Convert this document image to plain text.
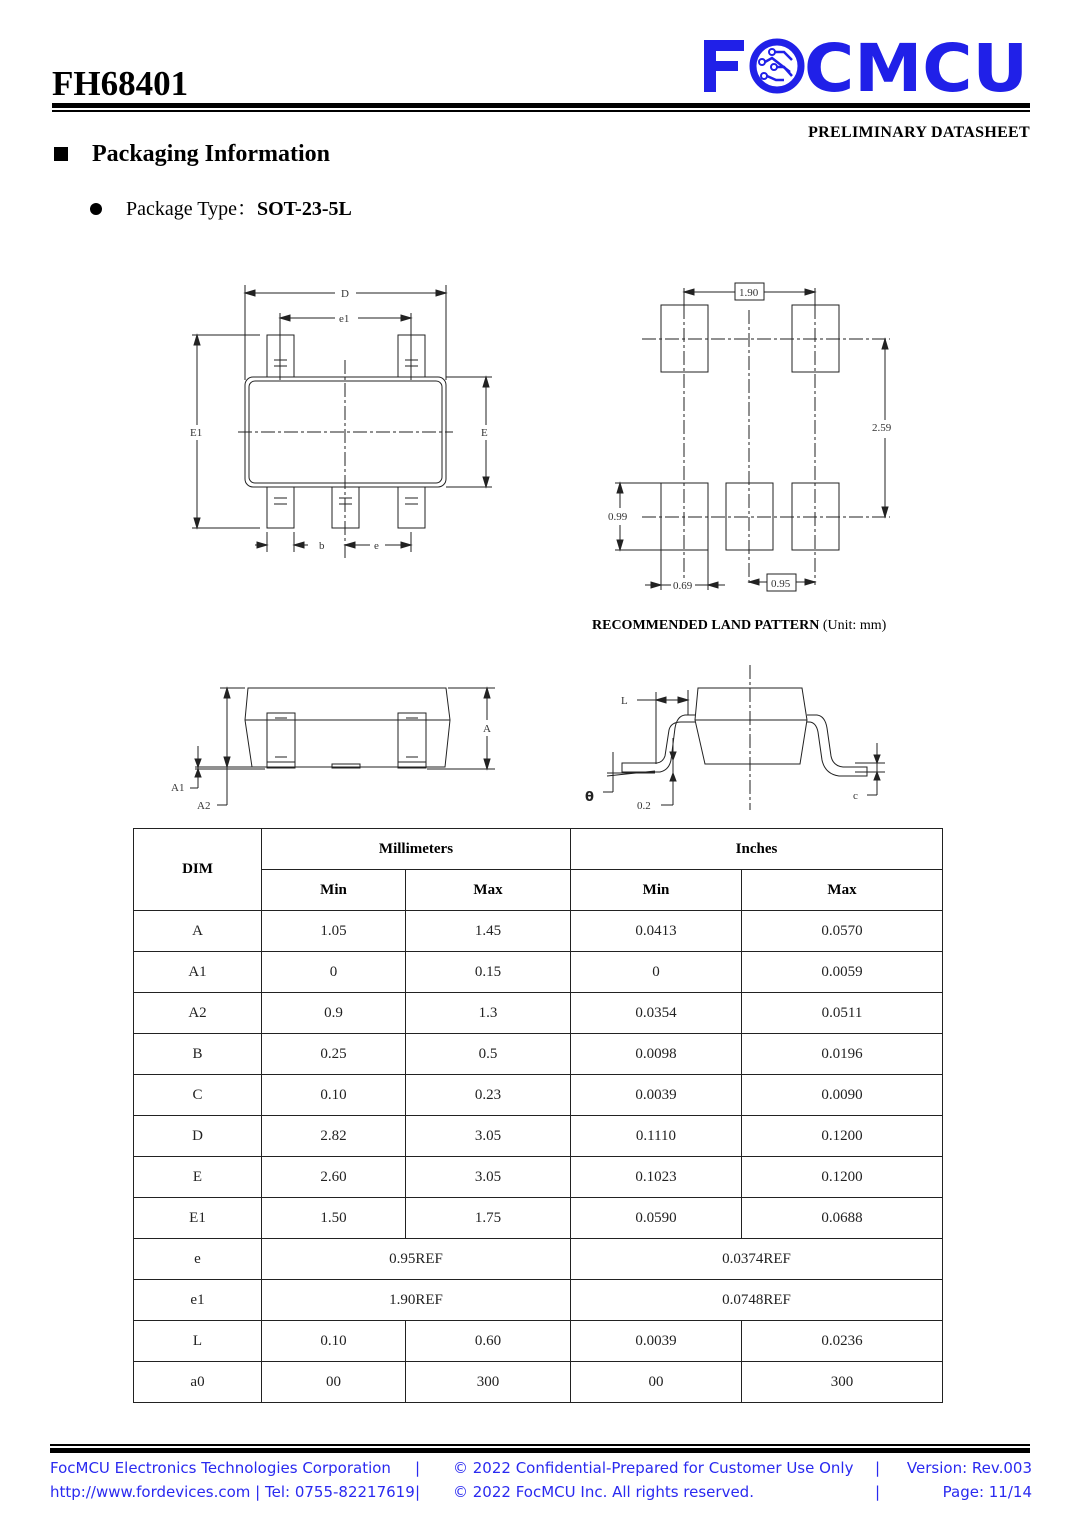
FH68401	CMCU
PRELIMINARY DATASHEET
Packaging Information
Package Type： SOT-23-5L
D
e1
E1	E
b	e
1.90
2.59
0.99
0.69	0.95
RECOMMENDED LAND PATTERN (Unit: mm)
A
A2
A1
L
0.2
θ	c
DIM	Millimeters		Inches	
	Min	Max	Min	Max
A	1.05	1.45	0.0413	0.0570
A1	0	0.15	0	0.0059
A2	0.9	1.3	0.0354	0.0511
B	0.25	0.5	0.0098	0.0196
C	0.10	0.23	0.0039	0.0090
D	2.82	3.05	0.1110	0.1200
E	2.60	3.05	0.1023	0.1200
E1	1.50	1.75	0.0590	0.0688
e	0.95REF		0.0374REF	
e1	1.90REF		0.0748REF	
L	0.10	0.60	0.0039	0.0236
a0	00	300	00	300
FocMCU Electronics Technologies Corporation | © 2022 Confidential-Prepared for Customer Use Only | Version: Rev.003
http://www.fordevices.com | Tel: 0755-82217619 | © 2022 FocMCU Inc. All rights reserved.	|	Page: 11/14
